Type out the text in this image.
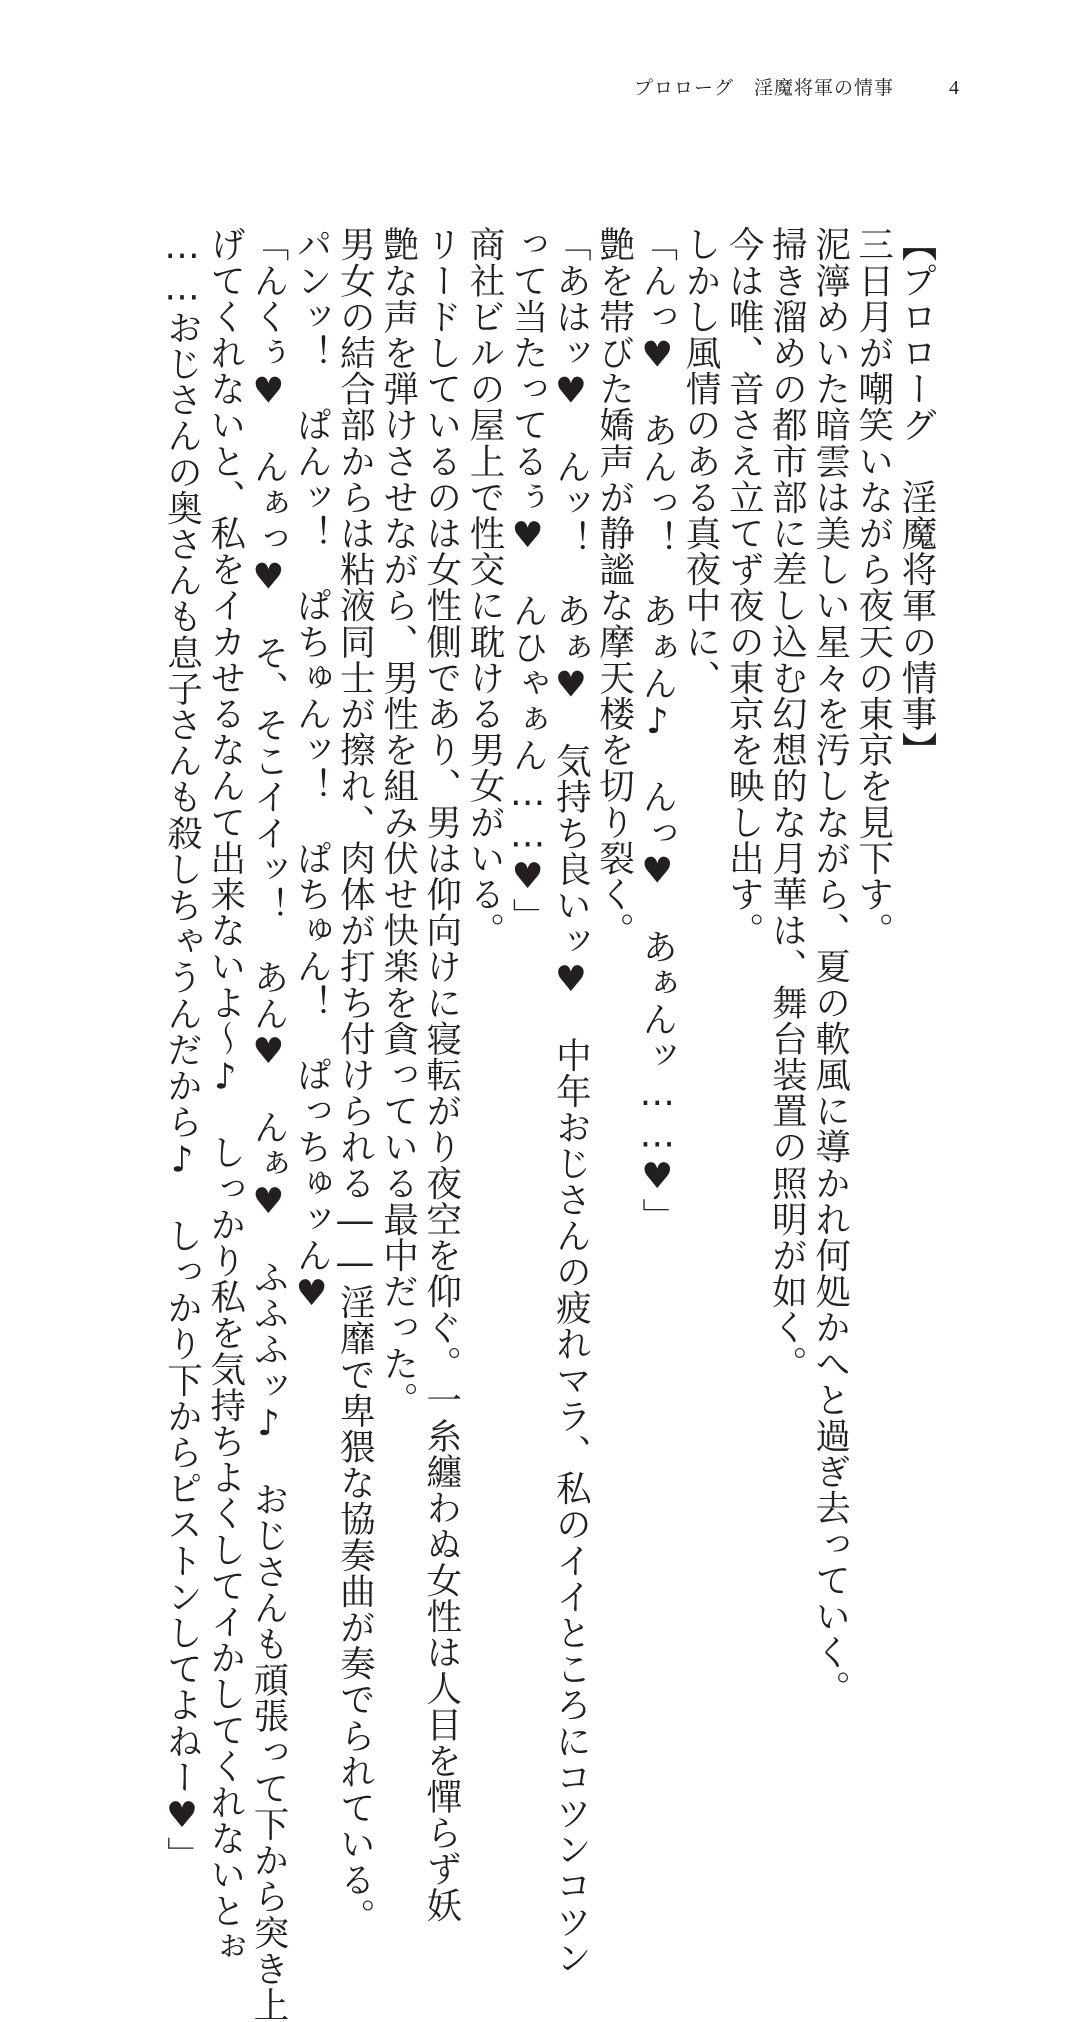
プロローグ　淫魔将軍の情事	4

【プロローグ　淫魔将軍の情事】

三日月が嘲笑いながら夜天の東京を見下す。

泥濘めいた暗雲は美しい星々を汚しながら、夏の軟風に導かれ何処かへと過ぎ去っていく。

掃き溜めの都市部に差し込む幻想的な月華は、舞台装置の照明が如く。

今は唯、音さえ立てず夜の東京を映し出す。

しかし風情のある真夜中に、

「んっ♥　あんっ！　あぁん♪　んっ♥　あぁんッ……♥」

艶を帯びた嬌声が静謐な摩天楼を切り裂く。

「あはッ♥　んッ！　あぁ♥　気持ち良いッ♥　中年おじさんの疲れマラ、私のイイところにコツンコツン

って当たってるぅ♥　んひゃぁん……♥」

商社ビルの屋上で性交に耽ける男女がいる。

リードしているのは女性側であり、男は仰向けに寝転がり夜空を仰ぐ。一糸纏わぬ女性は人目を憚らず妖

艶な声を弾けさせながら、男性を組み伏せ快楽を貪っている最中だった。

男女の結合部からは粘液同士が擦れ、肉体が打ち付けられる――淫靡で卑猥な協奏曲が奏でられている。

パンッ！　ぱんッ！　ぱちゅんッ！　ぱちゅん！　ぱっちゅッん♥

「んくぅ♥　んぁっ♥　そ、そこイイッ！　あん♥　んぁ♥　ふふふッ♪　おじさんも頑張って下から突き上

げてくれないと、私をイカせるなんて出来ないよ～♪　しっかり私を気持ちよくしてイかしてくれないとぉ

……おじさんの奥さんも息子さんも殺しちゃうんだから♪　しっかり下からピストンしてよねー♥」
